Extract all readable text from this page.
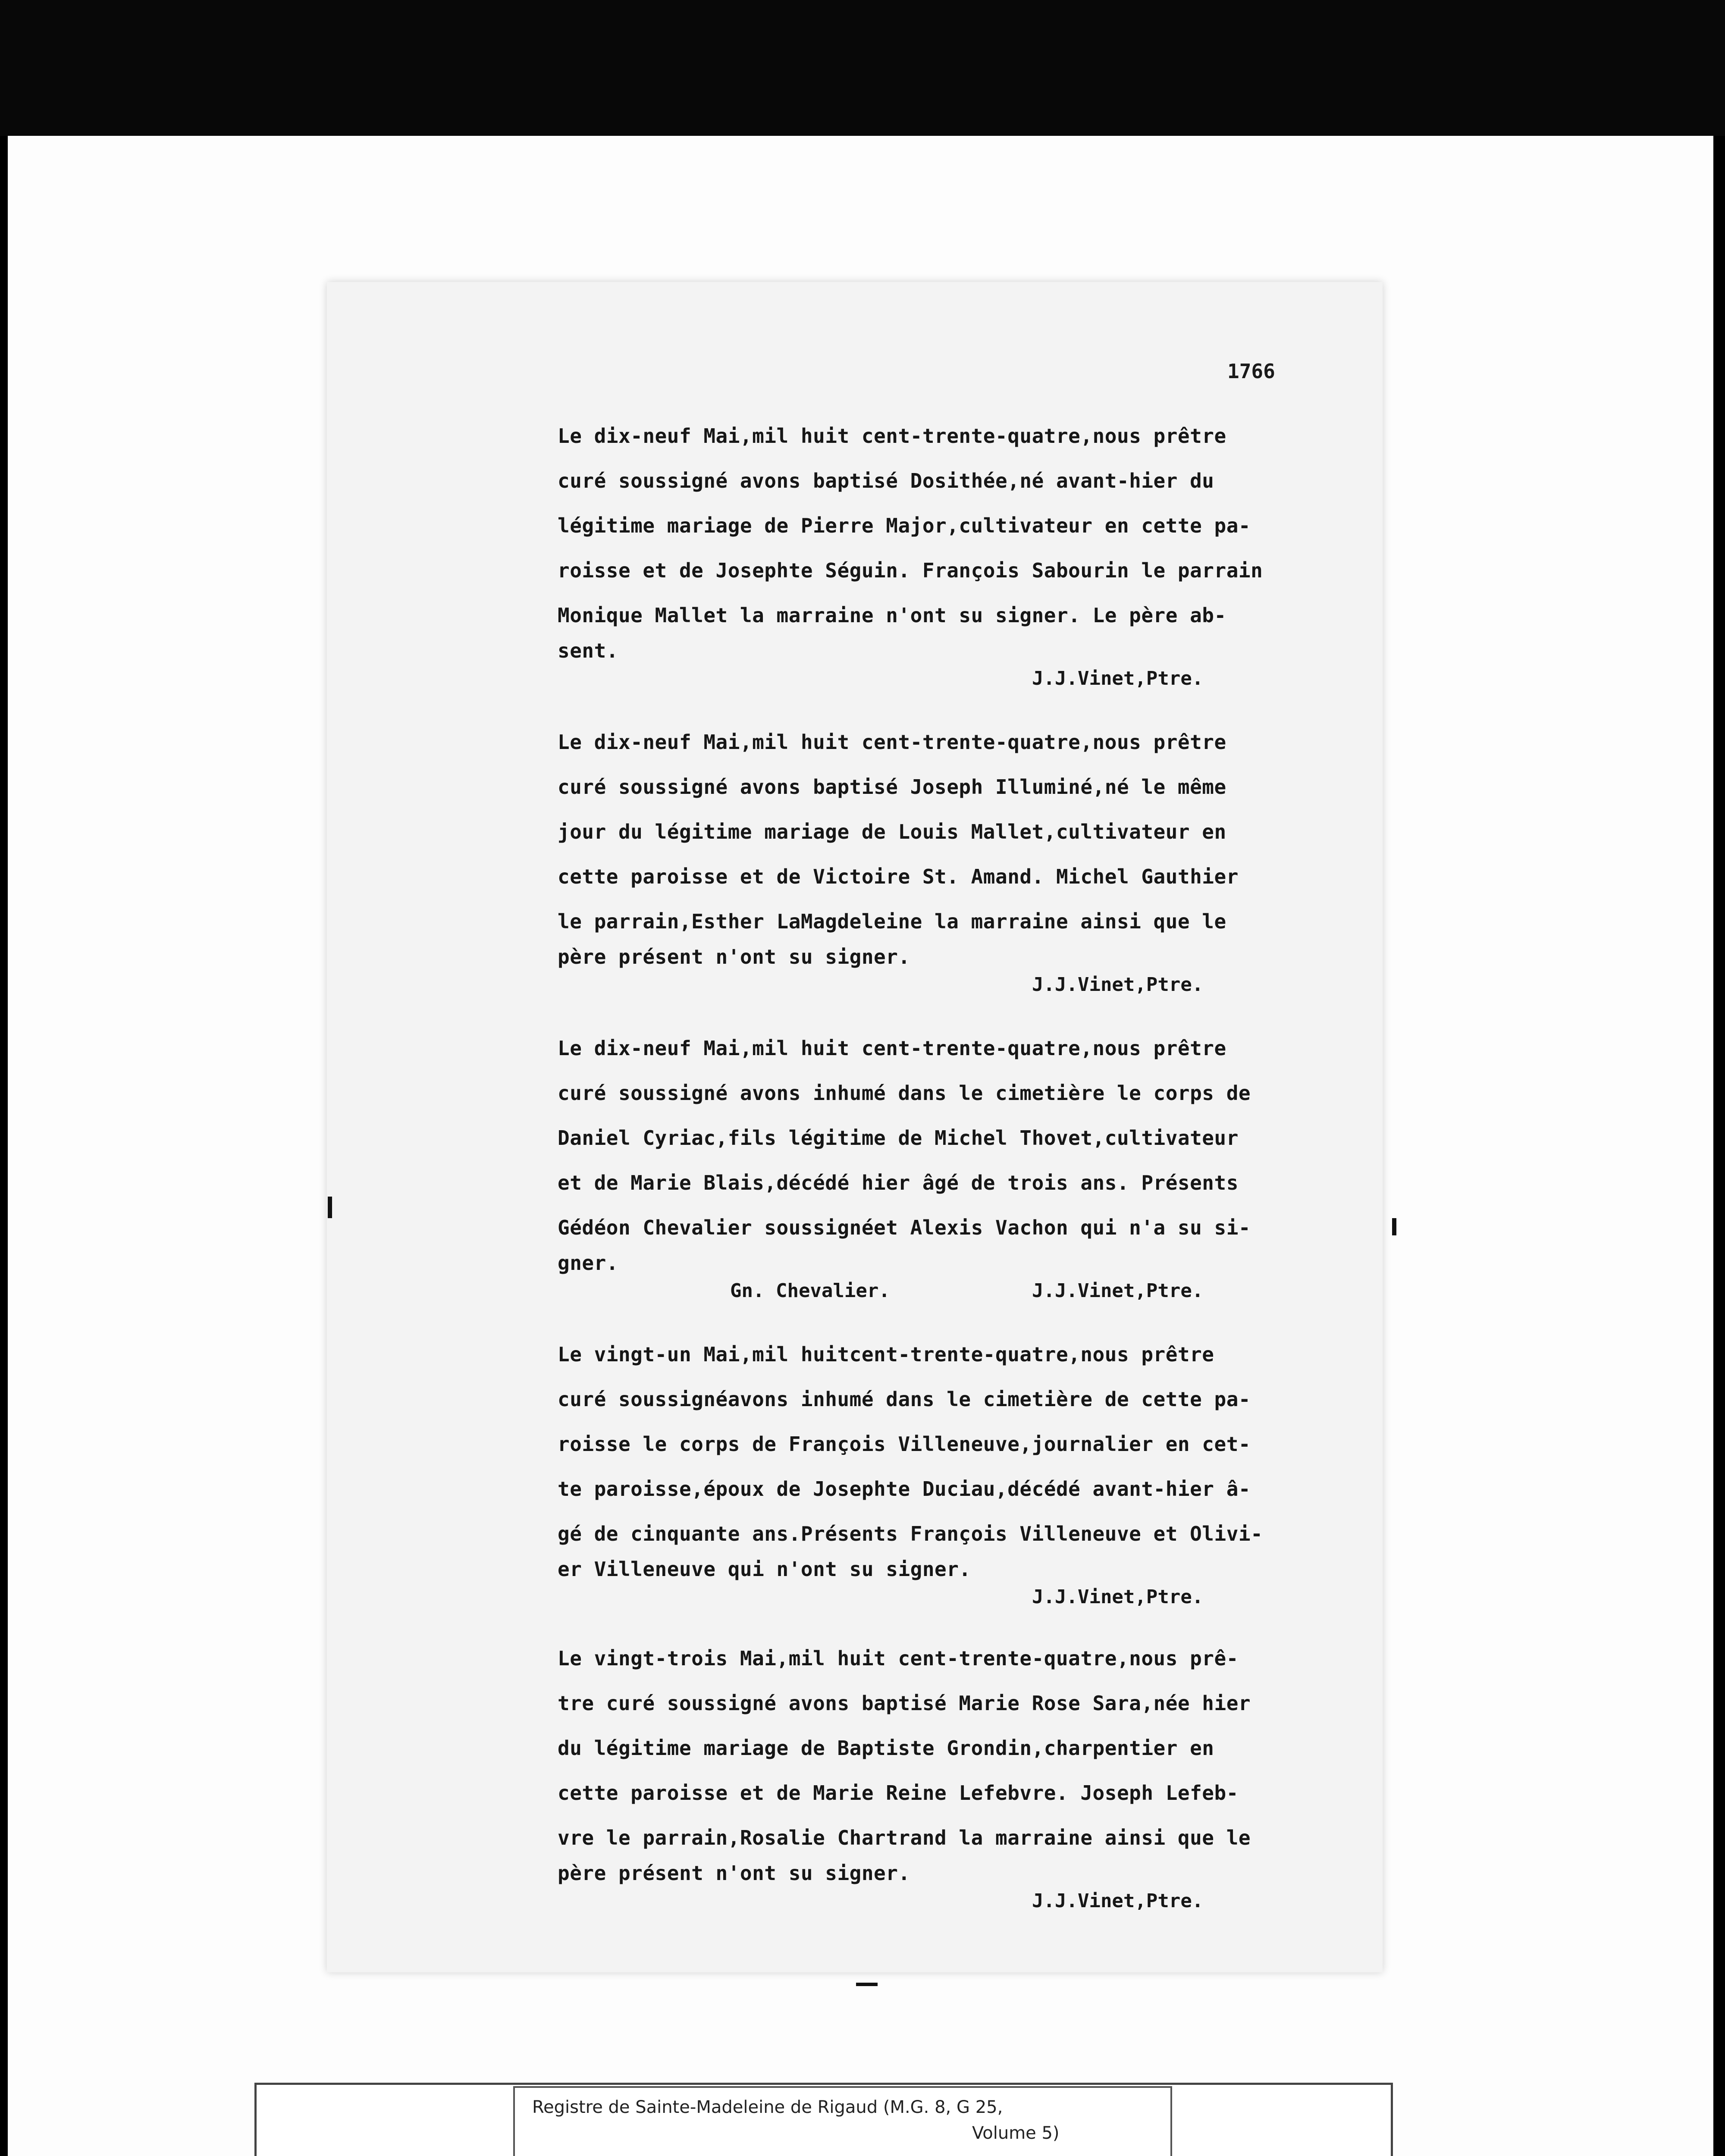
1766
Le dix-neuf Mai,mil huit cent-trente-quatre,nous prêtre
curé soussigné avons baptisé Dosithée,né avant-hier du
légitime mariage de Pierre Major,cultivateur en cette pa-
roisse et de Josephte Séguin. François Sabourin le parrain
Monique Mallet la marraine n'ont su signer. Le père ab-
sent.
J.J.Vinet,Ptre.
Le dix-neuf Mai,mil huit cent-trente-quatre,nous prêtre
curé soussigné avons baptisé Joseph Illuminé,né le même
jour du légitime mariage de Louis Mallet,cultivateur en
cette paroisse et de Victoire St. Amand. Michel Gauthier
le parrain,Esther LaMagdeleine la marraine ainsi que le
père présent n'ont su signer.
J.J.Vinet,Ptre.
Le dix-neuf Mai,mil huit cent-trente-quatre,nous prêtre
curé soussigné avons inhumé dans le cimetière le corps de
Daniel Cyriac,fils légitime de Michel Thovet,cultivateur
et de Marie Blais,décédé hier âgé de trois ans. Présents
Gédéon Chevalier soussignéet Alexis Vachon qui n'a su si-
gner.
Gn. Chevalier.	J.J.Vinet,Ptre.
Le vingt-un Mai,mil huitcent-trente-quatre,nous prêtre
curé soussignéavons inhumé dans le cimetière de cette pa-
roisse le corps de François Villeneuve,journalier en cet-
te paroisse,époux de Josephte Duciau,décédé avant-hier â-
gé de cinquante ans.Présents François Villeneuve et Olivi-
er Villeneuve qui n'ont su signer.
J.J.Vinet,Ptre.
Le vingt-trois Mai,mil huit cent-trente-quatre,nous prê-
tre curé soussigné avons baptisé Marie Rose Sara,née hier
du légitime mariage de Baptiste Grondin,charpentier en
cette paroisse et de Marie Reine Lefebvre. Joseph Lefeb-
vre le parrain,Rosalie Chartrand la marraine ainsi que le
père présent n'ont su signer.
J.J.Vinet,Ptre.
Registre de Sainte-Madeleine de Rigaud (M.G. 8, G 25,
Volume 5)
